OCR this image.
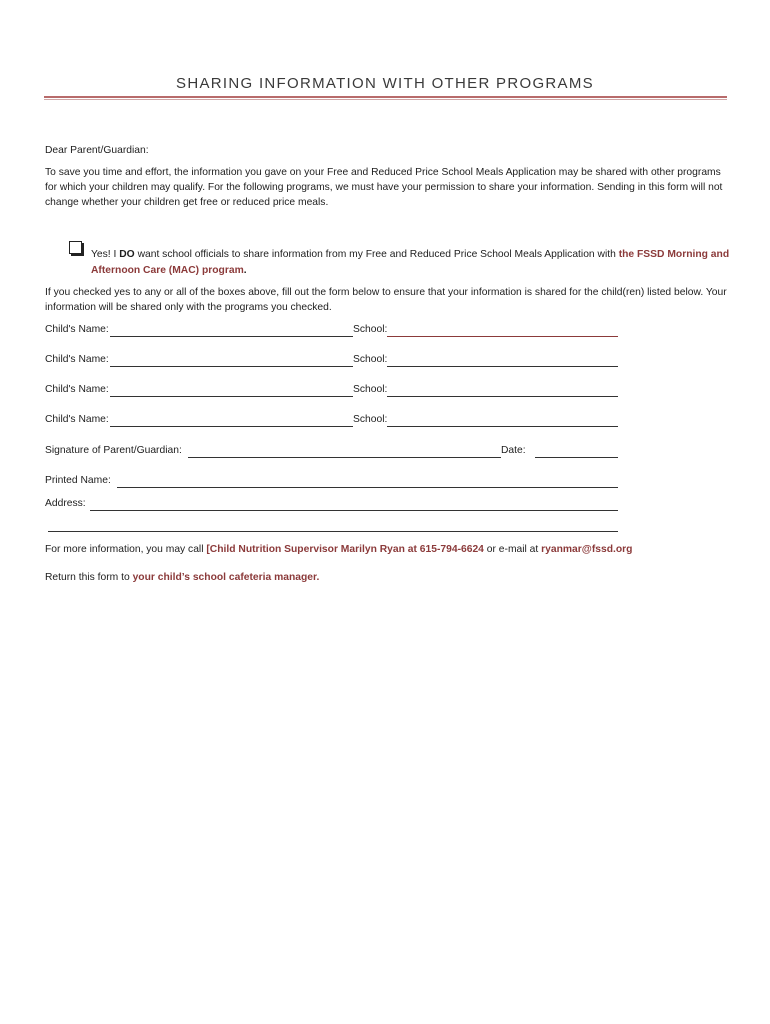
SHARING INFORMATION WITH OTHER PROGRAMS
Dear Parent/Guardian:
To save you time and effort, the information you gave on your Free and Reduced Price School Meals Application may be shared with other programs for which your children may qualify. For the following programs, we must have your permission to share your information. Sending in this form will not change whether your children get free or reduced price meals.
Yes! I DO want school officials to share information from my Free and Reduced Price School Meals Application with the FSSD Morning and Afternoon Care (MAC) program.
If you checked yes to any or all of the boxes above, fill out the form below to ensure that your information is shared for the child(ren) listed below. Your information will be shared only with the programs you checked.
Child's Name:	School:
Child's Name:	School:
Child's Name:	School:
Child's Name:	School:
Signature of Parent/Guardian:	Date:
Printed Name:
Address:
For more information, you may call [Child Nutrition Supervisor Marilyn Ryan at 615-794-6624 or e-mail at ryanmar@fssd.org
Return this form to your child’s school cafeteria manager.
